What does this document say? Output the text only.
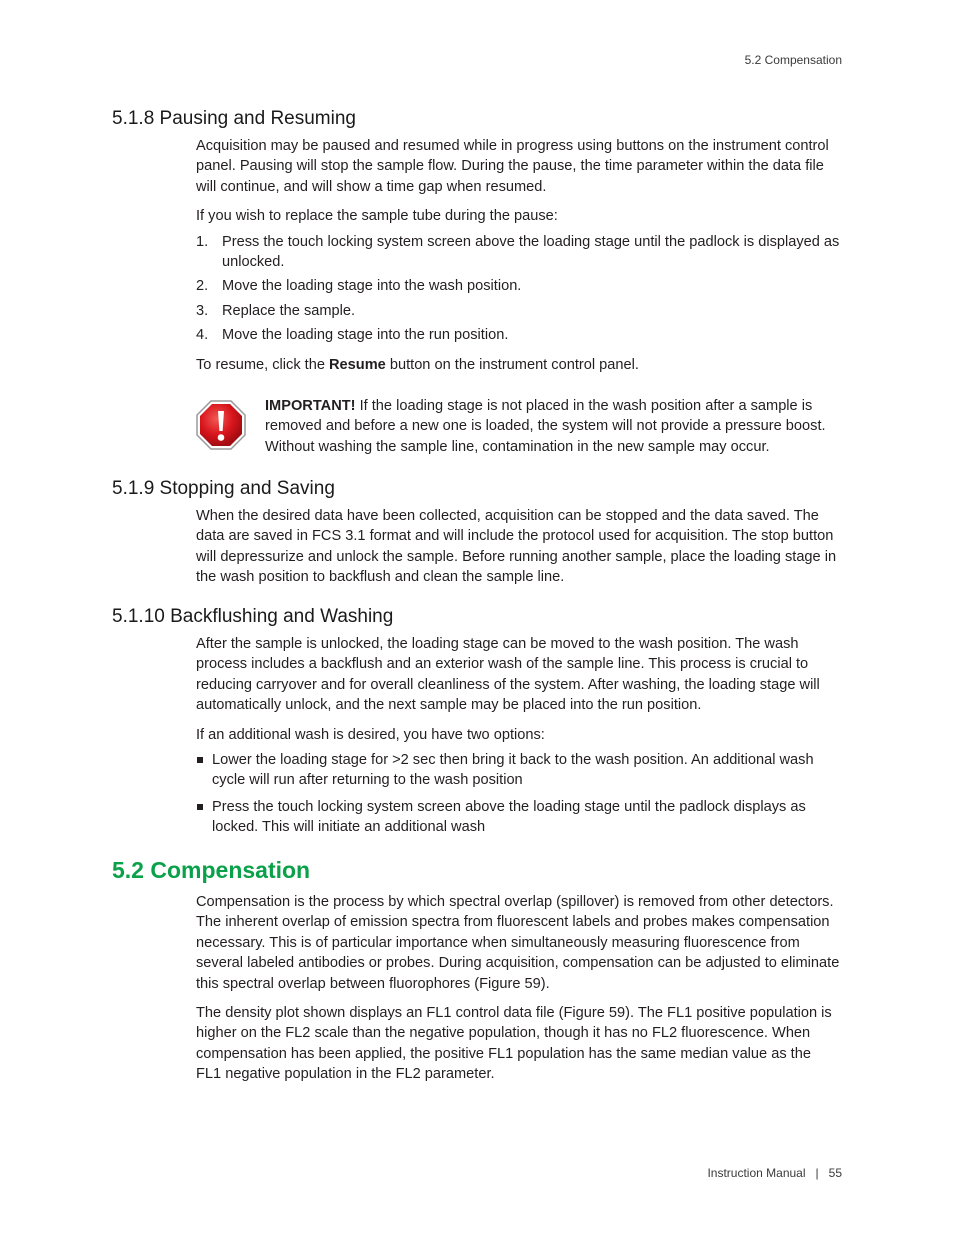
5.2 Compensation
5.1.8 Pausing and Resuming

Acquisition may be paused and resumed while in progress using buttons on the instrument control panel. Pausing will stop the sample flow. During the pause, the time parameter within the data file will continue, and will show a time gap when resumed.

If you wish to replace the sample tube during the pause:

1. Press the touch locking system screen above the loading stage until the padlock is displayed as unlocked.
2. Move the loading stage into the wash position.
3. Replace the sample.
4. Move the loading stage into the run position.

To resume, click the Resume button on the instrument control panel.

IMPORTANT! If the loading stage is not placed in the wash position after a sample is removed and before a new one is loaded, the system will not provide a pressure boost. Without washing the sample line, contamination in the new sample may occur.
5.1.9 Stopping and Saving

When the desired data have been collected, acquisition can be stopped and the data saved. The data are saved in FCS 3.1 format and will include the protocol used for acquisition. The stop button will depressurize and unlock the sample. Before running another sample, place the loading stage in the wash position to backflush and clean the sample line.

5.1.10 Backflushing and Washing

After the sample is unlocked, the loading stage can be moved to the wash position. The wash process includes a backflush and an exterior wash of the sample line. This process is crucial to reducing carryover and for overall cleanliness of the system. After washing, the loading stage will automatically unlock, and the next sample may be placed into the run position.

If an additional wash is desired, you have two options:

Lower the loading stage for >2 sec then bring it back to the wash position. An additional wash cycle will run after returning to the wash position
Press the touch locking system screen above the loading stage until the padlock displays as locked. This will initiate an additional wash
5.2 Compensation

Compensation is the process by which spectral overlap (spillover) is removed from other detectors. The inherent overlap of emission spectra from fluorescent labels and probes makes compensation necessary. This is of particular importance when simultaneously measuring fluorescence from several labeled antibodies or probes. During acquisition, compensation can be adjusted to eliminate this spectral overlap between fluorophores (Figure 59).

The density plot shown displays an FL1 control data file (Figure 59). The FL1 positive population is higher on the FL2 scale than the negative population, though it has no FL2 fluorescence. When compensation has been applied, the positive FL1 population has the same median value as the FL1 negative population in the FL2 parameter.

Instruction Manual | 55
